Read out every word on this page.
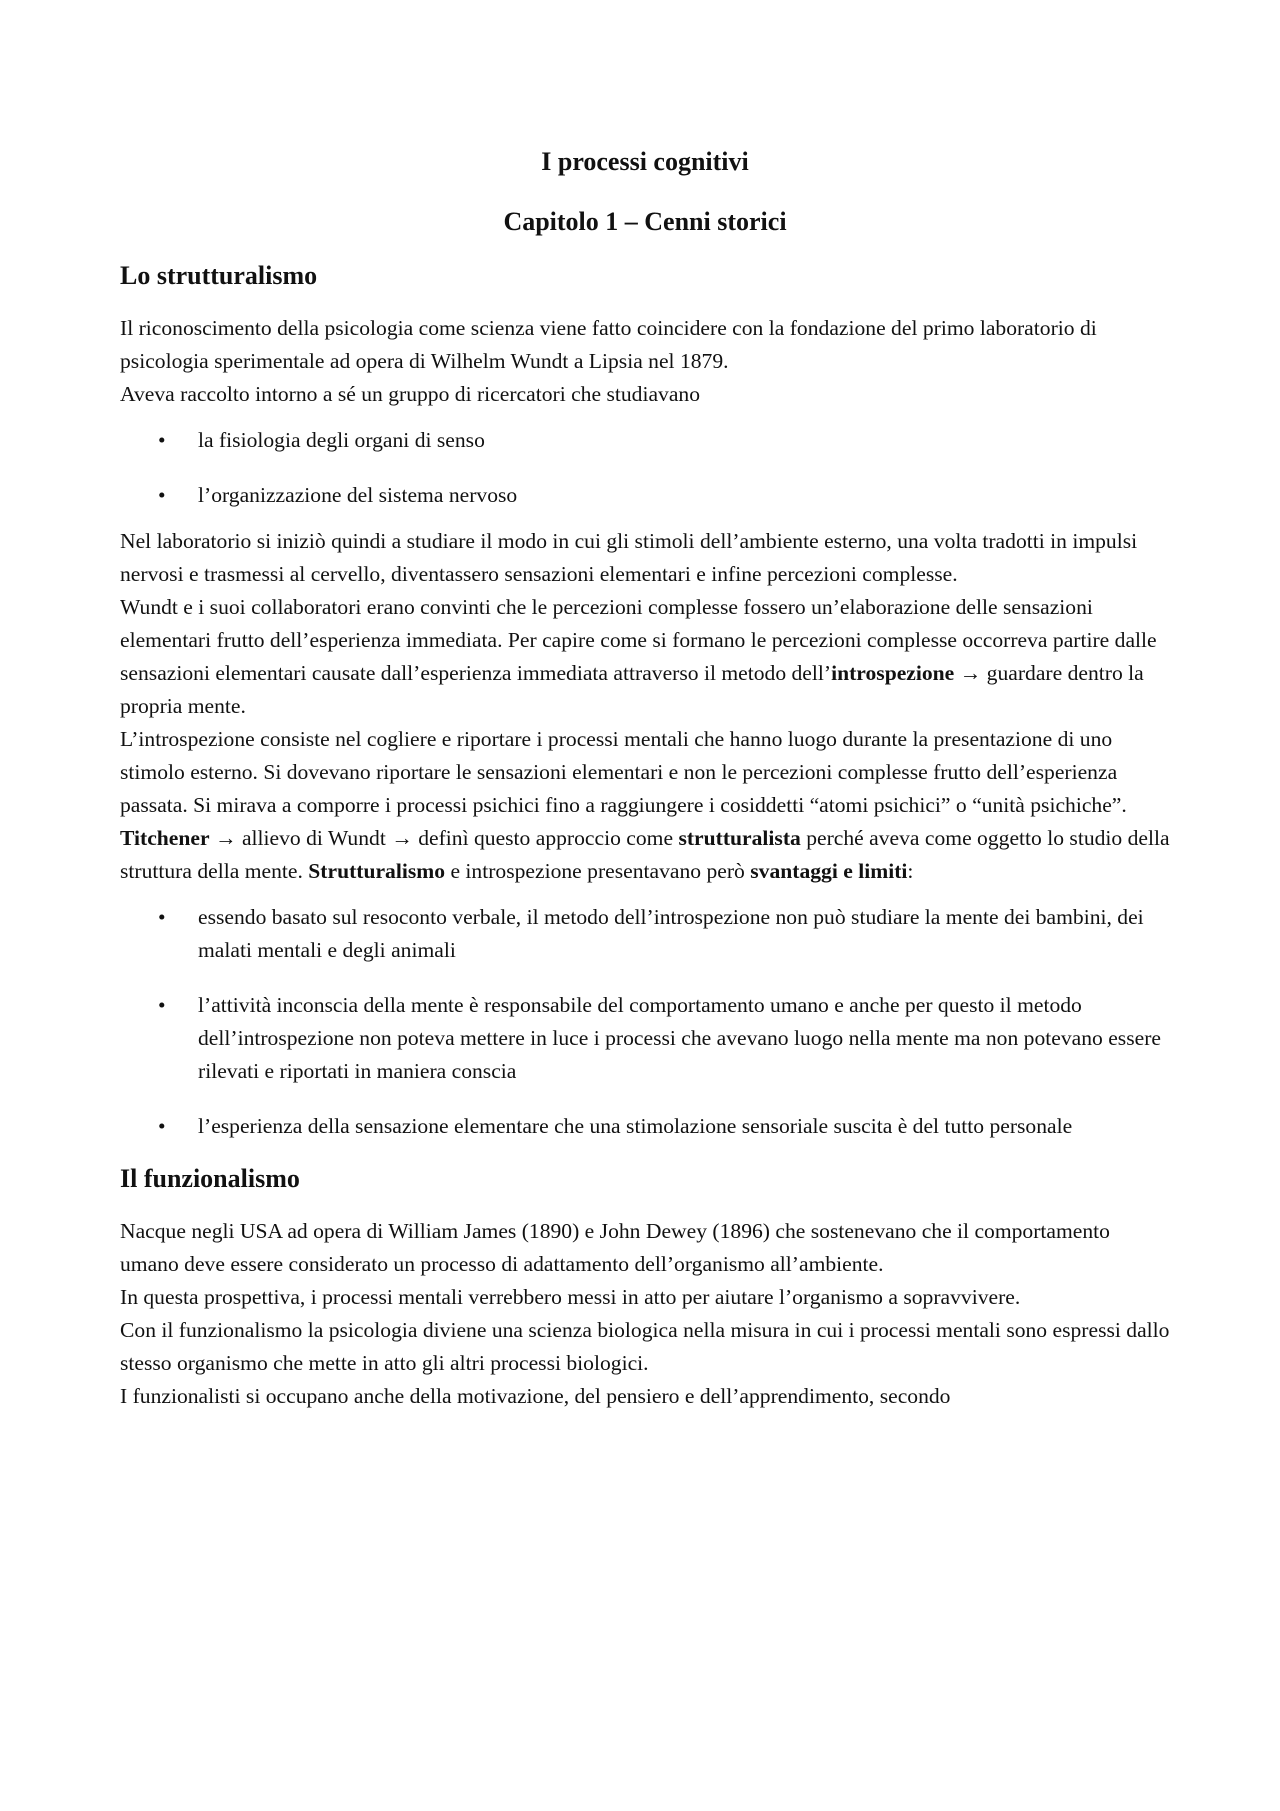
I processi cognitivi
Capitolo 1 – Cenni storici
Lo strutturalismo

Il riconoscimento della psicologia come scienza viene fatto coincidere con la fondazione del primo laboratorio di psicologia sperimentale ad opera di Wilhelm Wundt a Lipsia nel 1879.

Aveva raccolto intorno a sé un gruppo di ricercatori che studiavano

• la fisiologia degli organi di senso
• l’organizzazione del sistema nervoso

Nel laboratorio si iniziò quindi a studiare il modo in cui gli stimoli dell’ambiente esterno, una volta tradotti in impulsi nervosi e trasmessi al cervello, diventassero sensazioni elementari e infine percezioni complesse.

Wundt e i suoi collaboratori erano convinti che le percezioni complesse fossero un’elaborazione delle sensazioni elementari frutto dell’esperienza immediata. Per capire come si formano le percezioni complesse occorreva partire dalle sensazioni elementari causate dall’esperienza immediata attraverso il metodo dell’introspezione → guardare dentro la propria mente.

L’introspezione consiste nel cogliere e riportare i processi mentali che hanno luogo durante la presentazione di uno stimolo esterno. Si dovevano riportare le sensazioni elementari e non le percezioni complesse frutto dell’esperienza passata. Si mirava a comporre i processi psichici fino a raggiungere i cosiddetti “atomi psichici” o “unità psichiche”.

Titchener → allievo di Wundt → definì questo approccio come strutturalista perché aveva come oggetto lo studio della struttura della mente. Strutturalismo e introspezione presentavano però svantaggi e limiti:

• essendo basato sul resoconto verbale, il metodo dell’introspezione non può studiare la mente dei bambini, dei malati mentali e degli animali
• l’attività inconscia della mente è responsabile del comportamento umano e anche per questo il metodo dell’introspezione non poteva mettere in luce i processi che avevano luogo nella mente ma non potevano essere rilevati e riportati in maniera conscia
• l’esperienza della sensazione elementare che una stimolazione sensoriale suscita è del tutto personale
Il funzionalismo

Nacque negli USA ad opera di William James (1890) e John Dewey (1896) che sostenevano che il comportamento umano deve essere considerato un processo di adattamento dell’organismo all’ambiente.

In questa prospettiva, i processi mentali verrebbero messi in atto per aiutare l’organismo a sopravvivere.

Con il funzionalismo la psicologia diviene una scienza biologica nella misura in cui i processi mentali sono espressi dallo stesso organismo che mette in atto gli altri processi biologici.

I funzionalisti si occupano anche della motivazione, del pensiero e dell’apprendimento, secondo
